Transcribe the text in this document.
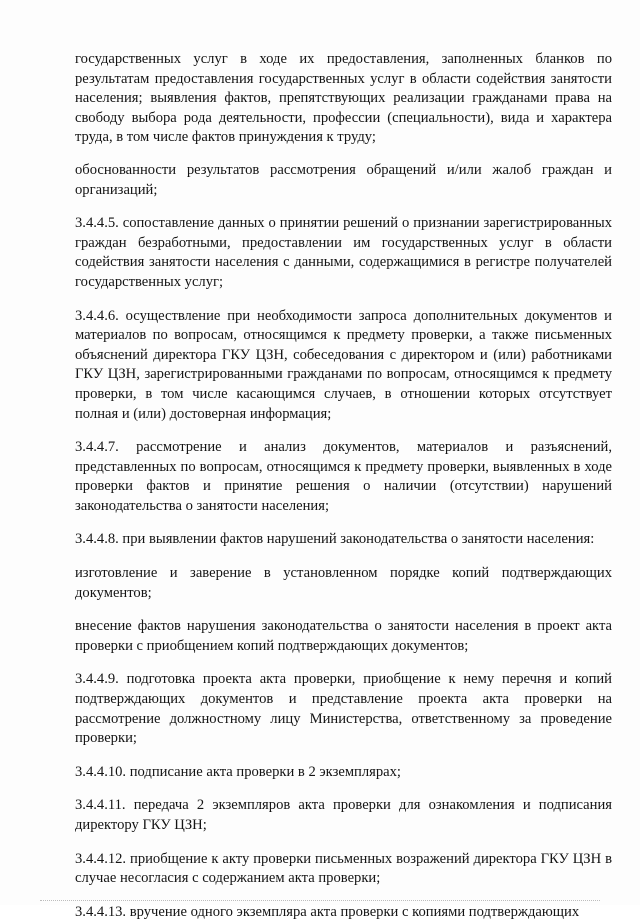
государственных услуг в ходе их предоставления, заполненных бланков по результатам предоставления государственных услуг в области содействия занятости населения; выявления фактов, препятствующих реализации гражданами права на свободу выбора рода деятельности, профессии (специальности), вида и характера труда, в том числе фактов принуждения к труду;

обоснованности результатов рассмотрения обращений и/или жалоб граждан и организаций;

3.4.4.5. сопоставление данных о принятии решений о признании зарегистрированных граждан безработными, предоставлении им государственных услуг в области содействия занятости населения с данными, содержащимися в регистре получателей государственных услуг;

3.4.4.6. осуществление при необходимости запроса дополнительных документов и материалов по вопросам, относящимся к предмету проверки, а также письменных объяснений директора ГКУ ЦЗН, собеседования с директором и (или) работниками ГКУ ЦЗН, зарегистрированными гражданами по вопросам, относящимся к предмету проверки, в том числе касающимся случаев, в отношении которых отсутствует полная и (или) достоверная информация;

3.4.4.7. рассмотрение и анализ документов, материалов и разъяснений, представленных по вопросам, относящимся к предмету проверки, выявленных в ходе проверки фактов и принятие решения о наличии (отсутствии) нарушений законодательства о занятости населения;

3.4.4.8. при выявлении фактов нарушений законодательства о занятости населения:

изготовление и заверение в установленном порядке копий подтверждающих документов;

внесение фактов нарушения законодательства о занятости населения в проект акта проверки с приобщением копий подтверждающих документов;

3.4.4.9. подготовка проекта акта проверки, приобщение к нему перечня и копий подтверждающих документов и представление проекта акта проверки на рассмотрение должностному лицу Министерства, ответственному за проведение проверки;

3.4.4.10. подписание акта проверки в 2 экземплярах;

3.4.4.11. передача 2 экземпляров акта проверки для ознакомления и подписания директору ГКУ ЦЗН;

3.4.4.12. приобщение к акту проверки письменных возражений директора ГКУ ЦЗН в случае несогласия с содержанием акта проверки;

3.4.4.13. вручение одного экземпляра акта проверки с копиями подтверждающих
